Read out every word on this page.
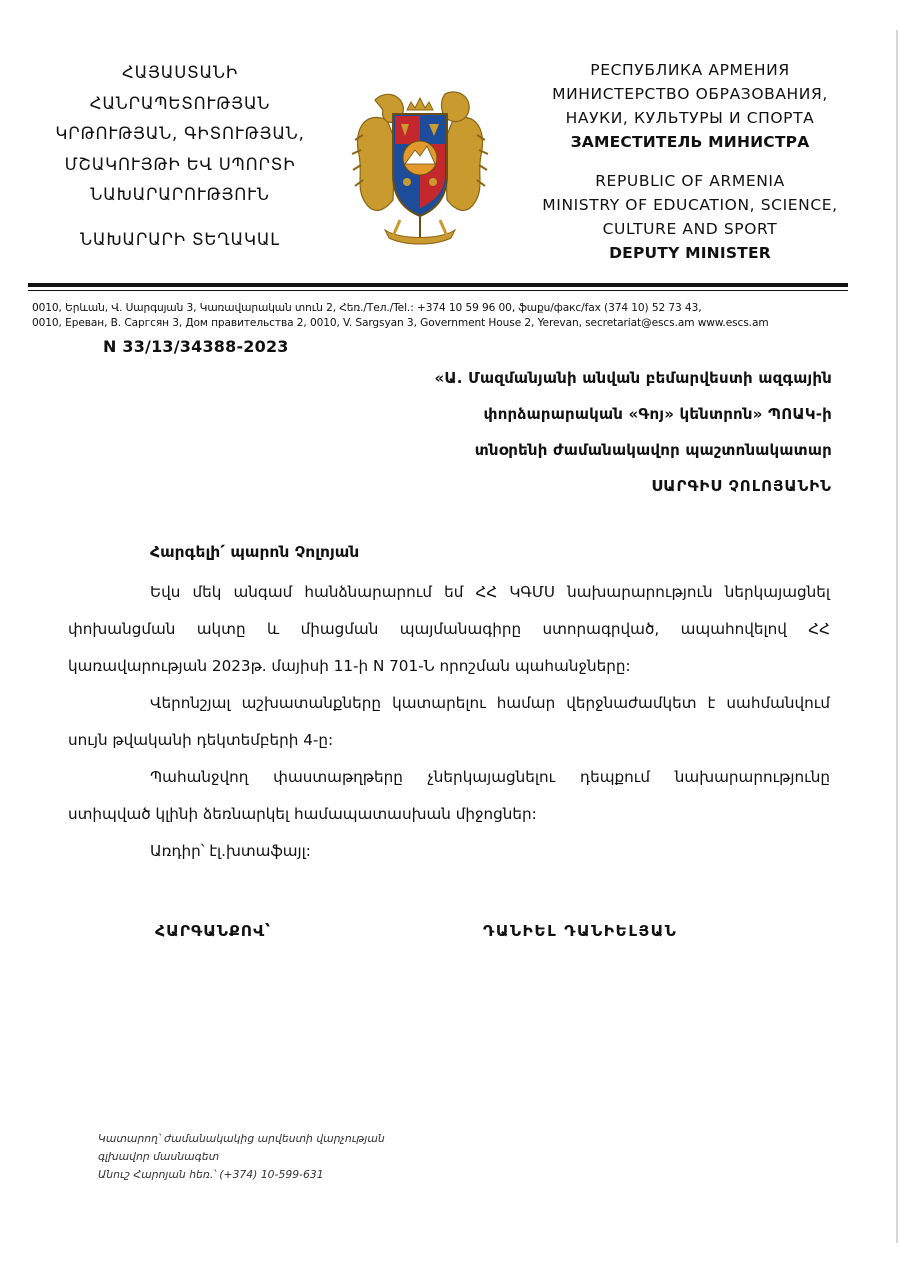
ՀԱՅԱՍՏԱՆԻ
ՀԱՆՐԱՊԵՏՈՒԹՅԱՆ
ԿՐԹՈՒԹՅԱՆ, ԳԻՏՈՒԹՅԱՆ,
ՄՇԱԿՈՒՅԹԻ ԵՎ ՍՊՈՐՏԻ
ՆԱԽԱՐԱՐՈՒԹՅՈՒՆ
ՆԱԽԱՐԱՐԻ ՏԵՂԱԿԱԼ
РЕСПУБЛИКА АРМЕНИЯ
МИНИСТЕРСТВО ОБРАЗОВАНИЯ,
НАУКИ, КУЛЬТУРЫ И СПОРТА
ЗАМЕСТИТЕЛЬ МИНИСТРА
REPUBLIC OF ARMENIA
MINISTRY OF EDUCATION, SCIENCE,
CULTURE AND SPORT
DEPUTY MINISTER
0010, Երևան, Վ. Սարգսյան 3, Կառավարական տուն 2, Հեռ./Тел./Tel.: +374 10 59 96 00, ֆաքս/факс/fax (374 10) 52 73 43,
0010, Ереван, В. Саргсян 3, Дом правительства 2, 0010, V. Sargsyan 3, Government House 2, Yerevan, secretariat@escs.am www.escs.am
N 33/13/34388-2023
«Ա. Մազմանյանի անվան բեմարվեստի ազգային
փորձարարական «Գոյ» կենտրոն» ՊՈԱԿ-ի
տնօրենի ժամանակավոր պաշտոնակատար
ՍԱՐԳԻՍ ՉՈԼՈՅԱՆԻՆ
Հարգելի՛ պարոն Չոլոյան

Եվս մեկ անգամ հանձնարարում եմ ՀՀ ԿԳՄՍ նախարարություն ներկայացնել փոխանցման ակտը և միացման պայմանագիրը ստորագրված, ապահովելով ՀՀ կառավարության 2023թ. մայիսի 11-ի N 701-Ն որոշման պահանջները:

Վերոնշյալ աշխատանքները կատարելու համար վերջնաժամկետ է սահմանվում սույն թվականի դեկտեմբերի 4-ը:

Պահանջվող փաստաթղթերը չներկայացնելու դեպքում նախարարությունը ստիպված կլինի ձեռնարկել համապատասխան միջոցներ:

Առդիր՝ էլ.խտաֆայլ:

ՀԱՐԳԱՆՔՈՎ՝	ԴԱՆԻԵԼ ԴԱՆԻԵԼՅԱՆ
Կատարող՝ ժամանակակից արվեստի վարչության
գլխավոր մասնագետ
Անուշ Հարոյան հեռ.՝ (+374) 10-599-631
